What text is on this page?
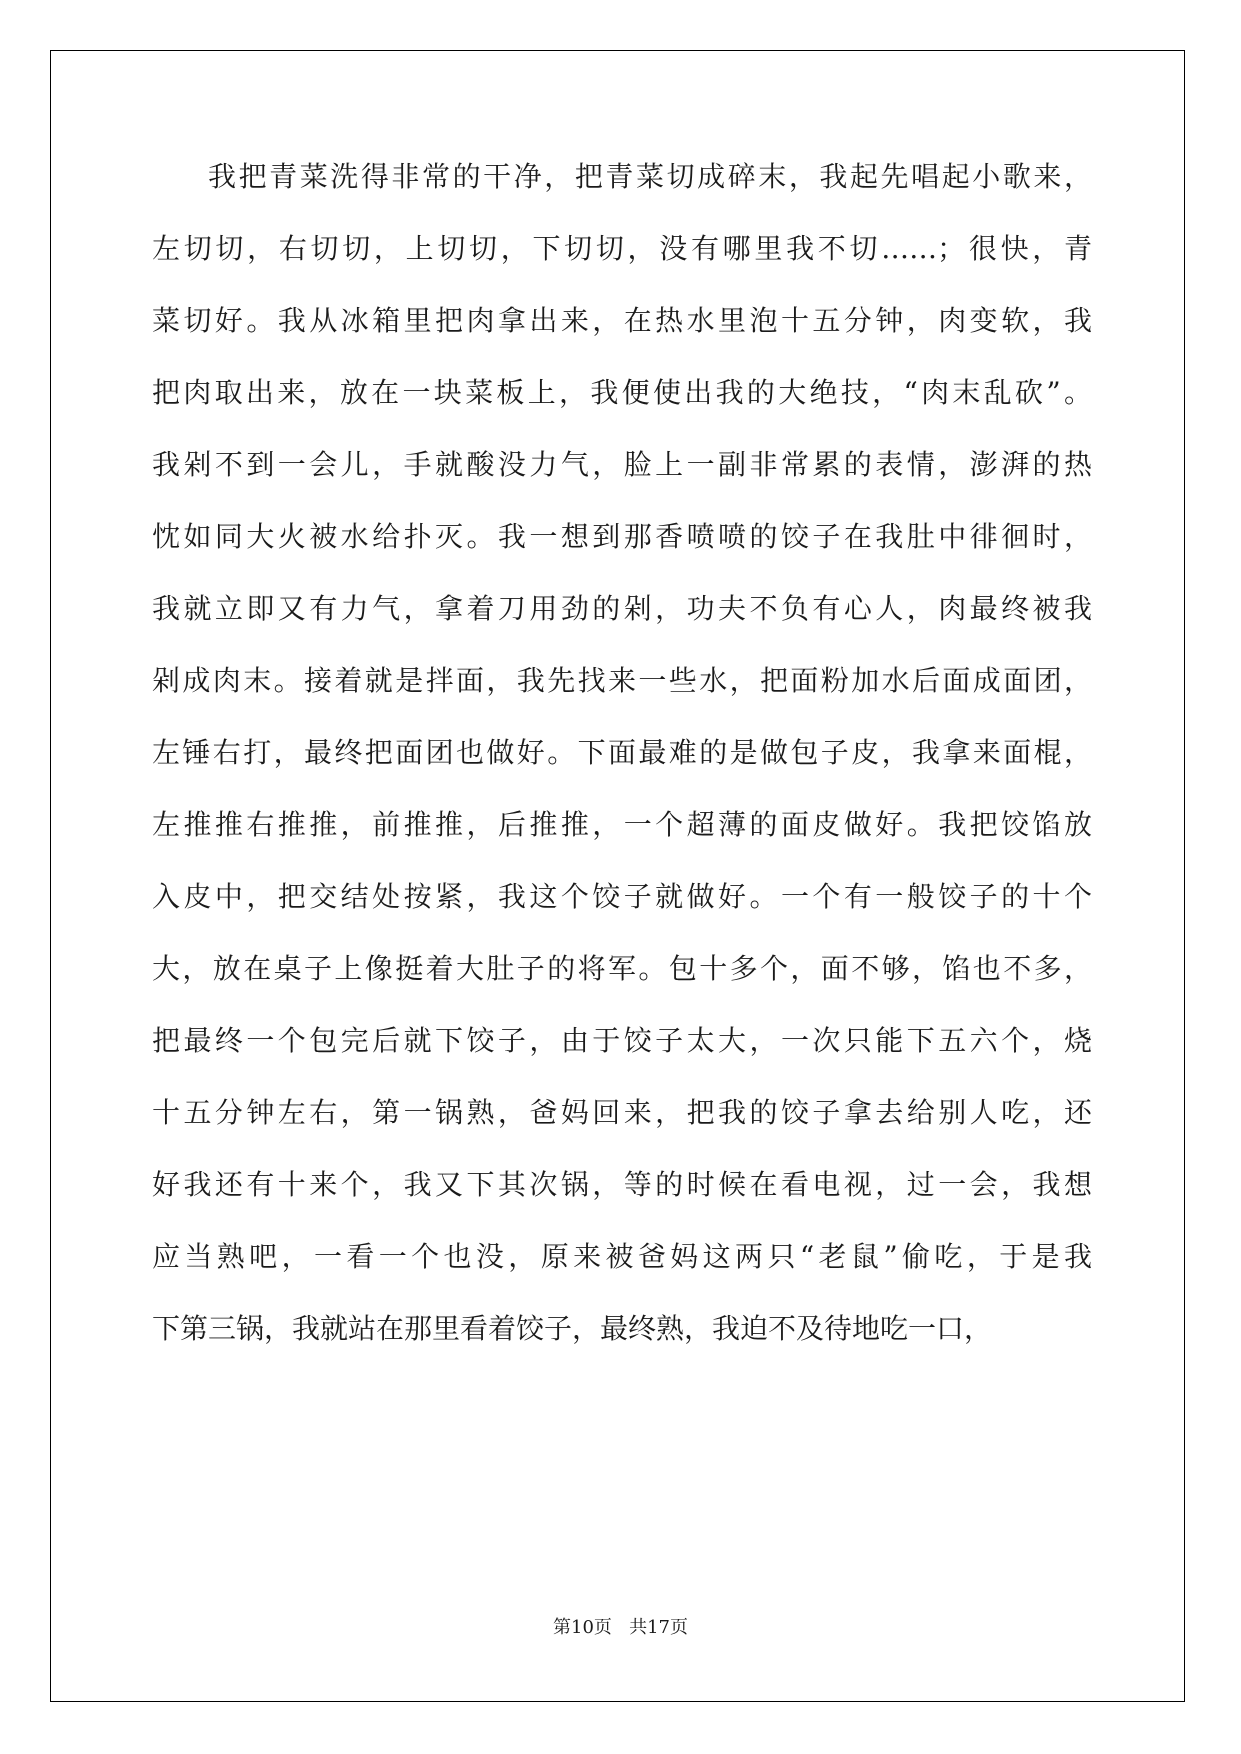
我把青菜洗得非常的干净，把青菜切成碎末，我起先唱起小歌来，
左切切，右切切，上切切，下切切，没有哪里我不切……；很快，青
菜切好。我从冰箱里把肉拿出来，在热水里泡十五分钟，肉变软，我
把肉取出来，放在一块菜板上，我便使出我的大绝技，“肉末乱砍”。
我剁不到一会儿，手就酸没力气，脸上一副非常累的表情，澎湃的热
忱如同大火被水给扑灭。我一想到那香喷喷的饺子在我肚中徘徊时，
我就立即又有力气，拿着刀用劲的剁，功夫不负有心人，肉最终被我
剁成肉末。接着就是拌面，我先找来一些水，把面粉加水后面成面团，
左锤右打，最终把面团也做好。下面最难的是做包子皮，我拿来面棍，
左推推右推推，前推推，后推推，一个超薄的面皮做好。我把饺馅放
入皮中，把交结处按紧，我这个饺子就做好。一个有一般饺子的十个
大，放在桌子上像挺着大肚子的将军。包十多个，面不够，馅也不多，
把最终一个包完后就下饺子，由于饺子太大，一次只能下五六个，烧
十五分钟左右，第一锅熟，爸妈回来，把我的饺子拿去给别人吃，还
好我还有十来个，我又下其次锅，等的时候在看电视，过一会，我想
应当熟吧，一看一个也没，原来被爸妈这两只“老鼠”偷吃，于是我
下第三锅，我就站在那里看着饺子，最终熟，我迫不及待地吃一口，
第10页   共17页
